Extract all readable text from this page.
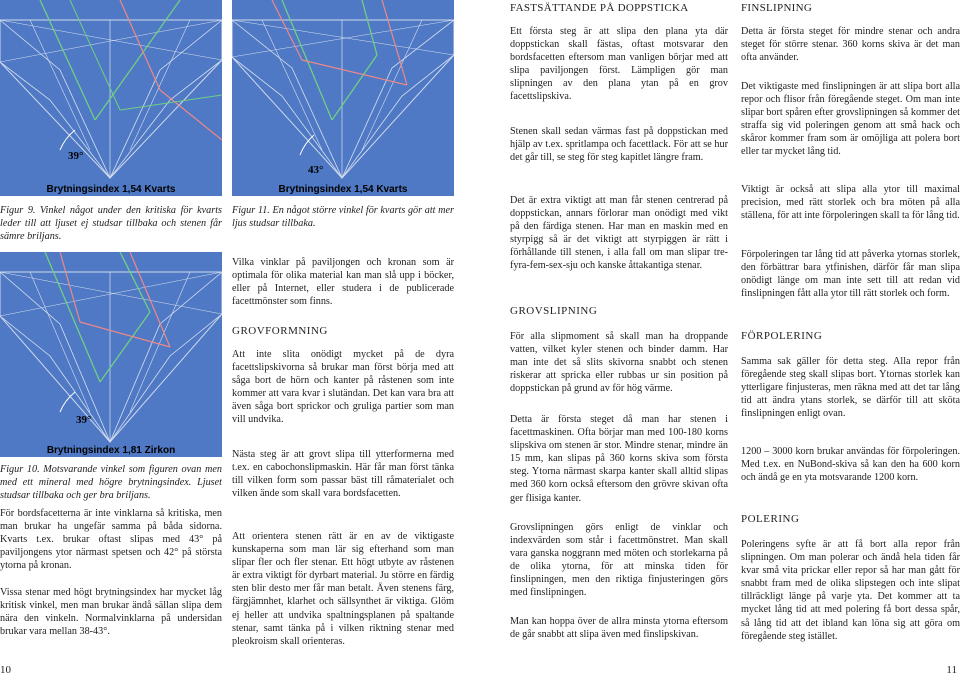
FASTSÄTTANDE PÅ DOPPSTICKA	FINSLIPNING
39°
Brytningsindex 1,54 Kvarts

Figur 9. Vinkel något under den kritiska för kvarts leder till att ljuset ej studsar tillbaka och stenen får sämre briljans.

39°
Brytningsindex 1,81 Zirkon

Figur 10. Motsvarande vinkel som figuren ovan men med ett mineral med högre brytningsindex. Ljuset studsar tillbaka och ger bra briljans.

För bordsfacetterna är inte vinklarna så kritiska, men man brukar ha ungefär samma på båda sidorna. Kvarts t.ex. brukar oftast slipas med 43° på paviljongens ytor närmast spetsen och 42° på största ytorna på kronan.

Vissa stenar med högt brytningsindex har mycket låg kritisk vinkel, men man brukar ändå sällan slipa dem nära den vinkeln. Normalvinklarna på undersidan brukar vara mellan 38-43°.

10
43°
Brytningsindex 1,54 Kvarts

Figur 11. En något större vinkel för kvarts gör att mer ljus studsar tillbaka.

Vilka vinklar på paviljongen och kronan som är optimala för olika material kan man slå upp i böcker, eller på Internet, eller studera i de publicerade facettmönster som finns.

GROVFORMNING

Att inte slita onödigt mycket på de dyra facettslipskivorna så brukar man först börja med att såga bort de hörn och kanter på råstenen som inte kommer att vara kvar i slutändan. Det kan vara bra att även såga bort sprickor och gruliga partier som man vill undvika.

Nästa steg är att grovt slipa till ytterformerna med t.ex. en cabochonslipmaskin. Här får man först tänka till vilken form som passar bäst till råmaterialet och vilken ände som skall vara bordsfacetten.

Att orientera stenen rätt är en av de viktigaste kunskaperna som man lär sig efterhand som man slipar fler och fler stenar. Ett högt utbyte av råstenen är extra viktigt för dyrbart material. Ju större en färdig sten blir desto mer får man betalt. Även stenens färg, färgjämnhet, klarhet och sällsynthet är viktiga. Glöm ej heller att undvika spaltningsplanen på spaltande stenar, samt tänka på i vilken riktning stenar med pleokroism skall orienteras.

Ett första steg är att slipa den plana yta där doppstickan skall fästas, oftast motsvarar den bordsfacetten eftersom man vanligen börjar med att slipa paviljongen först. Lämpligen gör man slipningen av den plana ytan på en grov facettslipskiva.

Stenen skall sedan värmas fast på doppstickan med hjälp av t.ex. spritlampa och facettlack. För att se hur det går till, se steg för steg kapitlet längre fram.

Det är extra viktigt att man får stenen centrerad på doppstickan, annars förlorar man onödigt med vikt på den färdiga stenen. Har man en maskin med en styrpigg så är det viktigt att styrpiggen är rätt i förhållande till stenen, i alla fall om man slipar tre-fyra-fem-sex-sju och kanske åttakantiga stenar.

GROVSLIPNING

För alla slipmoment så skall man ha droppande vatten, vilket kyler stenen och binder damm. Har man inte det så slits skivorna snabbt och stenen riskerar att spricka eller rubbas ur sin position på doppstickan på grund av för hög värme.

Detta är första steget då man har stenen i facettmaskinen. Ofta börjar man med 100-180 korns slipskiva om stenen är stor. Mindre stenar, mindre än 15 mm, kan slipas på 360 korns skiva som första steg. Ytorna närmast skarpa kanter skall alltid slipas med 360 korn också eftersom den grövre skivan ofta ger flisiga kanter.

Grovslipningen görs enligt de vinklar och indexvärden som står i facettmönstret. Man skall vara ganska noggrann med möten och storlekarna på de olika ytorna, för att minska tiden för finslipningen, men den riktiga finjusteringen görs med finslipningen.

Man kan hoppa över de allra minsta ytorna eftersom de går snabbt att slipa även med finslipskivan.

Detta är första steget för mindre stenar och andra steget för större stenar. 360 korns skiva är det man ofta använder.

Det viktigaste med finslipningen är att slipa bort alla repor och flisor från föregående steget. Om man inte slipar bort spåren efter grovslipningen så kommer det straffa sig vid poleringen genom att små hack och skåror kommer fram som är omöjliga att polera bort eller tar mycket lång tid.

Viktigt är också att slipa alla ytor till maximal precision, med rätt storlek och bra möten på alla ställena, för att inte förpoleringen skall ta för lång tid.

Förpoleringen tar lång tid att påverka ytornas storlek, den förbättrar bara ytfinishen, därför får man slipa onödigt länge om man inte sett till att redan vid finslipningen fått alla ytor till rätt storlek och form.

FÖRPOLERING

Samma sak gäller för detta steg. Alla repor från föregående steg skall slipas bort. Ytornas storlek kan ytterligare finjusteras, men räkna med att det tar lång tid att ändra ytans storlek, se därför till att sköta finslipningen enligt ovan.

1200 – 3000 korn brukar användas för förpoleringen. Med t.ex. en NuBond-skiva så kan den ha 600 korn och ändå ge en yta motsvarande 1200 korn.

POLERING

Poleringens syfte är att få bort alla repor från slipningen. Om man polerar och ändå hela tiden får kvar små vita prickar eller repor så har man gått för snabbt fram med de olika slipstegen och inte slipat tillräckligt länge på varje yta. Det kommer att ta mycket lång tid att med polering få bort dessa spår, så lång tid att det ibland kan löna sig att göra om föregående steg istället.

11
